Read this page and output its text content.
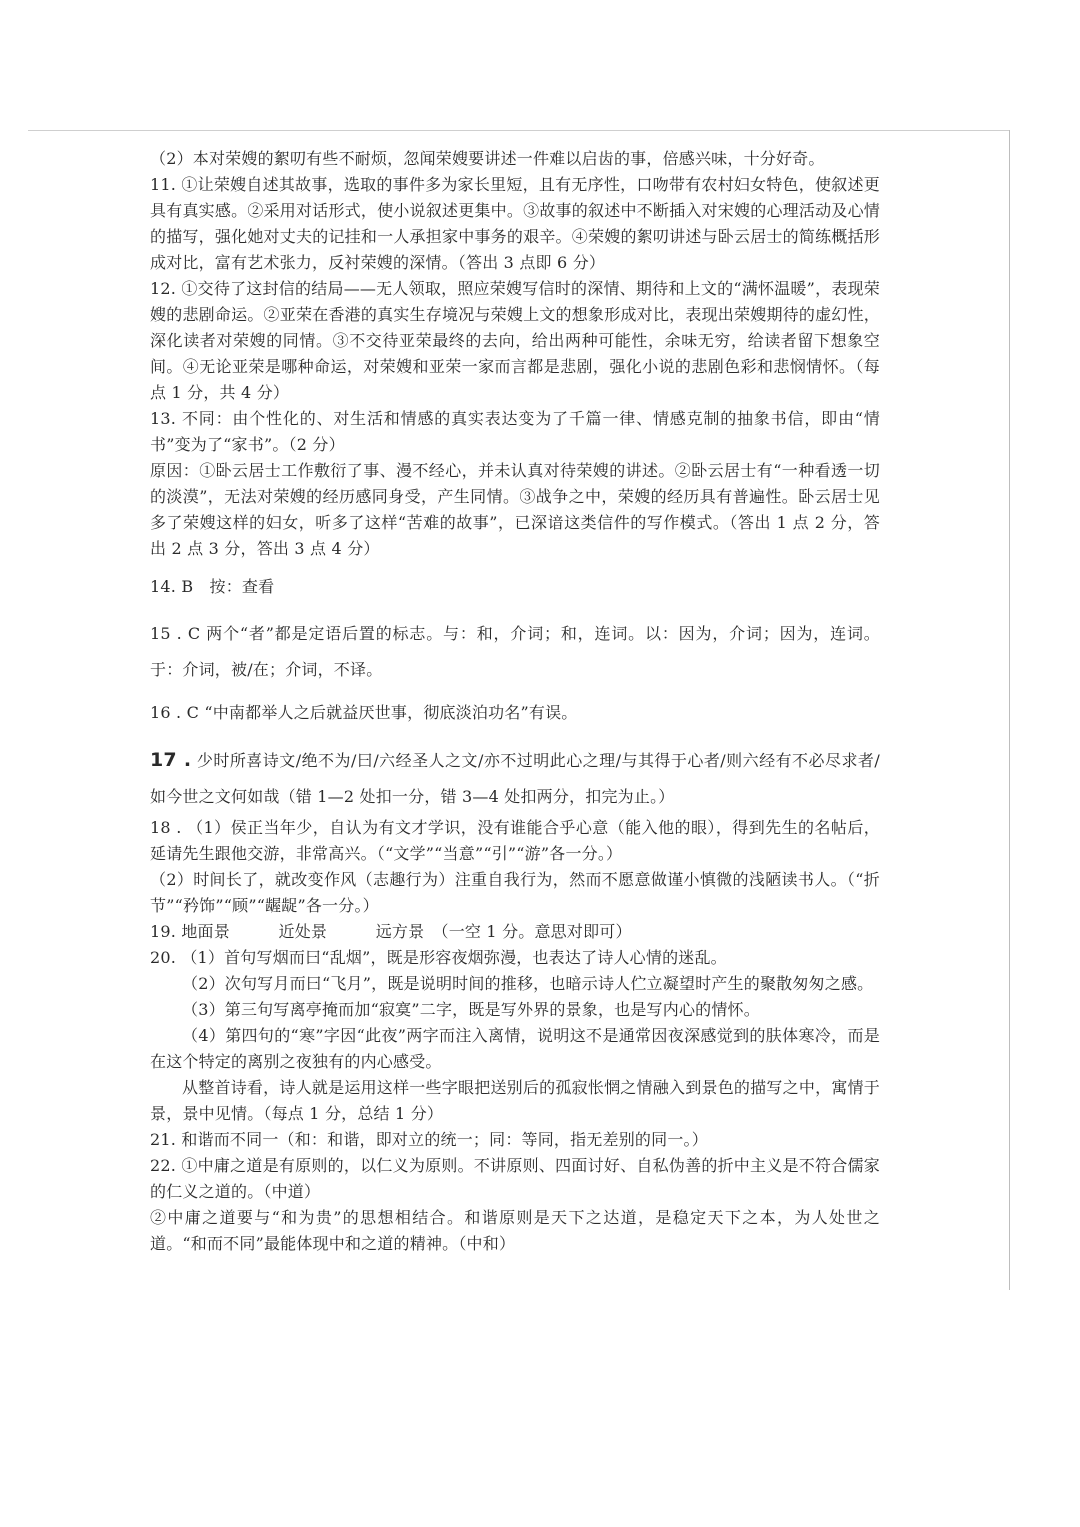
（2）本对荣嫂的絮叨有些不耐烦，忽闻荣嫂要讲述一件难以启齿的事，倍感兴味，十分好奇。

11. ①让荣嫂自述其故事，选取的事件多为家长里短，且有无序性，口吻带有农村妇女特色，使叙述更具有真实感。②采用对话形式，使小说叙述更集中。③故事的叙述中不断插入对宋嫂的心理活动及心情的描写，强化她对丈夫的记挂和一人承担家中事务的艰辛。④荣嫂的絮叨讲述与卧云居士的简练概括形成对比，富有艺术张力，反衬荣嫂的深情。（答出 3 点即 6 分）

12. ①交待了这封信的结局——无人领取，照应荣嫂写信时的深情、期待和上文的“满怀温暖”，表现荣嫂的悲剧命运。②亚荣在香港的真实生存境况与荣嫂上文的想象形成对比，表现出荣嫂期待的虚幻性，深化读者对荣嫂的同情。③不交待亚荣最终的去向，给出两种可能性，余味无穷，给读者留下想象空间。④无论亚荣是哪种命运，对荣嫂和亚荣一家而言都是悲剧，强化小说的悲剧色彩和悲悯情怀。（每点 1 分，共 4 分）

13. 不同：由个性化的、对生活和情感的真实表达变为了千篇一律、情感克制的抽象书信，即由“情书”变为了“家书”。（2 分）

原因：①卧云居士工作敷衍了事、漫不经心，并未认真对待荣嫂的讲述。②卧云居士有“一种看透一切的淡漠”，无法对荣嫂的经历感同身受，产生同情。③战争之中，荣嫂的经历具有普遍性。卧云居士见多了荣嫂这样的妇女，听多了这样“苦难的故事”，已深谙这类信件的写作模式。（答出 1 点 2 分，答出 2 点 3 分，答出 3 点 4 分）

14. B　按：查看

15 . C 两个“者”都是定语后置的标志。与：和，介词；和，连词。以：因为，介词；因为，连词。于：介词，被/在；介词，不译。

16 . C “中南都举人之后就益厌世事，彻底淡泊功名”有误。

17 . 少时所喜诗文/绝不为/曰/六经圣人之文/亦不过明此心之理/与其得于心者/则六经有不必尽求者/如今世之文何如哉（错 1—2 处扣一分，错 3—4 处扣两分，扣完为止。）

18 . （1）侯正当年少，自认为有文才学识，没有谁能合乎心意（能入他的眼），得到先生的名帖后，延请先生跟他交游，非常高兴。（“文学”“当意”“引”“游”各一分。）

（2）时间长了，就改变作风（志趣行为）注重自我行为，然而不愿意做谨小慎微的浅陋读书人。（“折节”“矜饰”“顾”“龌龊”各一分。）

19. 地面景　　　近处景　　　远方景　（一空 1 分。意思对即可）

20. （1）首句写烟而曰“乱烟”，既是形容夜烟弥漫，也表达了诗人心情的迷乱。

（2）次句写月而曰“飞月”，既是说明时间的推移，也暗示诗人伫立凝望时产生的聚散匆匆之感。

（3）第三句写离亭掩而加“寂寞”二字，既是写外界的景象，也是写内心的情怀。

（4）第四句的“寒”字因“此夜”两字而注入离情，说明这不是通常因夜深感觉到的肤体寒冷，而是在这个特定的离别之夜独有的内心感受。

从整首诗看，诗人就是运用这样一些字眼把送别后的孤寂怅惘之情融入到景色的描写之中，寓情于景，景中见情。（每点 1 分，总结 1 分）

21. 和谐而不同一（和：和谐，即对立的统一；同：等同，指无差别的同一。）

22. ①中庸之道是有原则的，以仁义为原则。不讲原则、四面讨好、自私伪善的折中主义是不符合儒家的仁义之道的。（中道）

②中庸之道要与“和为贵”的思想相结合。和谐原则是天下之达道，是稳定天下之本，为人处世之道。“和而不同”最能体现中和之道的精神。（中和）
